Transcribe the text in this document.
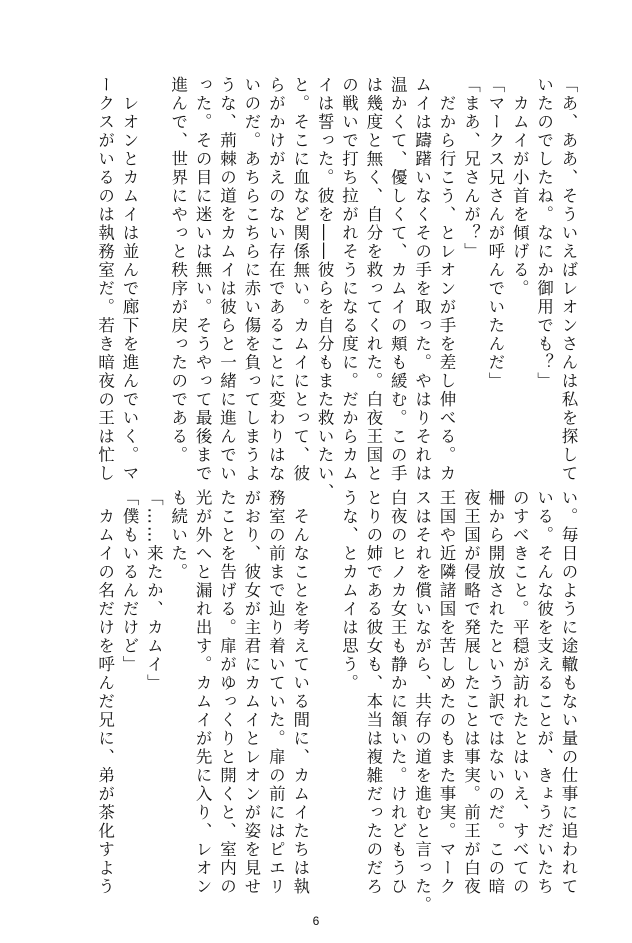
「あ、ああ、そういえばレオンさんは私を探して
いたのでしたね。なにか御用でも？」
　カムイが小首を傾げる。
「マークス兄さんが呼んでいたんだ」
「まあ、兄さんが？」
　だから行こう、とレオンが手を差し伸べる。カ
ムイは躊躇いなくその手を取った。やはりそれは
温かくて、優しくて、カムイの頬も緩む。この手
は幾度と無く、自分を救ってくれた。白夜王国と
の戦いで打ち拉がれそうになる度に。だからカム
イは誓った。彼を――彼らを自分もまた救いたい、
と。そこに血など関係無い。カムイにとって、彼
らがかけがえのない存在であることに変わりはな
いのだ。あちらこちらに赤い傷を負ってしまうよ
うな、荊棘の道をカムイは彼らと一緒に進んでい
った。その目に迷いは無い。そうやって最後まで
進んで、世界にやっと秩序が戻ったのである。
　レオンとカムイは並んで廊下を進んでいく。マ
ークスがいるのは執務室だ。若き暗夜の王は忙し
い。毎日のように途轍もない量の仕事に追われて
いる。そんな彼を支えることが、きょうだいたち
のすべきこと。平穏が訪れたとはいえ、すべての
柵から開放されたという訳ではないのだ。この暗
夜王国が侵略で発展したことは事実。前王が白夜
王国や近隣諸国を苦しめたのもまた事実。マーク
スはそれを償いながら、共存の道を進むと言った。
白夜のヒノカ女王も静かに頷いた。けれどもうひ
とりの姉である彼女も、本当は複雑だったのだろ
うな、とカムイは思う。
　そんなことを考えている間に、カムイたちは執
務室の前まで辿り着いていた。扉の前にはピエリ
がおり、彼女が主君にカムイとレオンが姿を見せ
たことを告げる。扉がゆっくりと開くと、室内の
光が外へと漏れ出す。カムイが先に入り、レオン
も続いた。
「……来たか、カムイ」
「僕もいるんだけど」
　カムイの名だけを呼んだ兄に、弟が茶化すよう
6
